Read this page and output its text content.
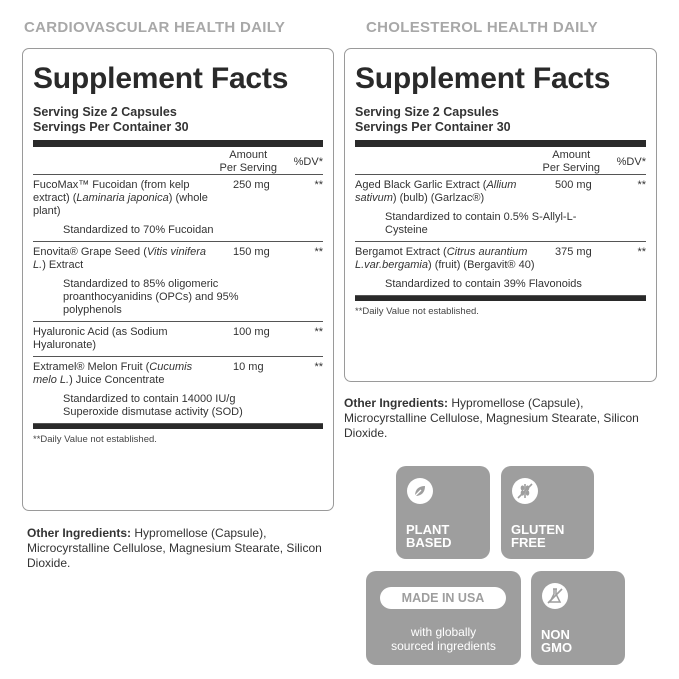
CARDIOVASCULAR HEALTH DAILY	CHOLESTEROL HEALTH DAILY
Supplement Facts
Serving Size 2 Capsules
Servings Per Container 30
Amount
Per Serving %DV*
FucoMax™ Fucoidan (from kelp extract) (Laminaria japonica) (whole plant)
250 mg	**
Standardized to 70% Fucoidan
Enovita® Grape Seed (Vitis vinifera L.) Extract
150 mg	**
Standardized to 85% oligomeric proanthocyanidins (OPCs) and 95% polyphenols
Hyaluronic Acid (as Sodium Hyaluronate)
100 mg	**
Extramel® Melon Fruit (Cucumis melo L.) Juice Concentrate
10 mg	**
Standardized to contain 14000 IU/g Superoxide dismutase activity (SOD)
**Daily Value not established.
Supplement Facts
Serving Size 2 Capsules
Servings Per Container 30
Amount
Per Serving %DV*
Aged Black Garlic Extract (Allium sativum) (bulb) (Garlzac®)
500 mg	**
Standardized to contain 0.5% S-Allyl-L-Cysteine
Bergamot Extract (Citrus aurantium L.var.bergamia) (fruit) (Bergavit® 40)
375 mg	**
Standardized to contain 39% Flavonoids
**Daily Value not established.
Other Ingredients: Hypromellose (Capsule), Microcyrstalline Cellulose, Magnesium Stearate, Silicon Dioxide.
Other Ingredients: Hypromellose (Capsule), Microcyrstalline Cellulose, Magnesium Stearate, Silicon Dioxide.
PLANT
BASED
GLUTEN
FREE
MADE IN USA
with globally
sourced ingredients
NON
GMO
